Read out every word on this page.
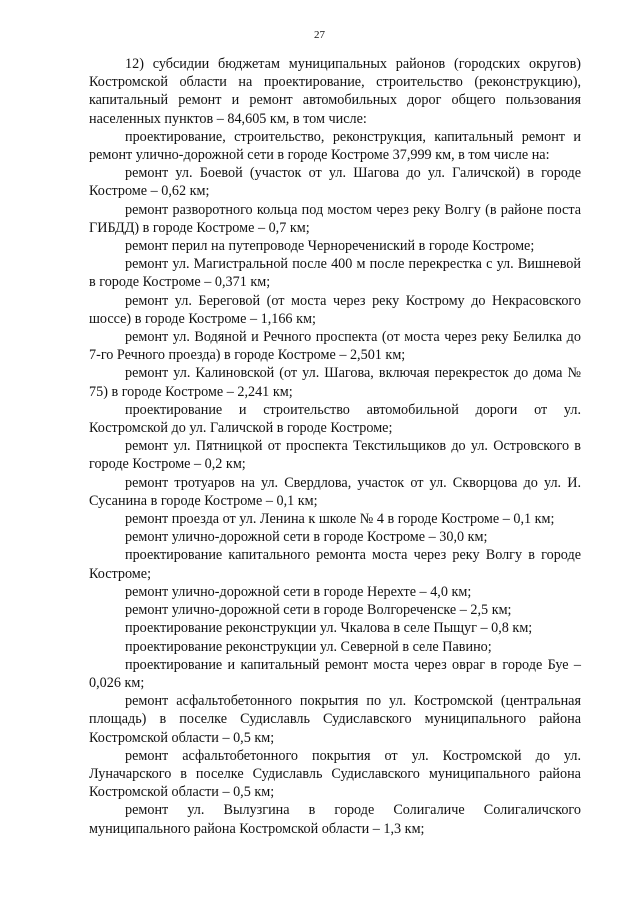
27

12) субсидии бюджетам муниципальных районов (городских округов) Костромской области на проектирование, строительство (реконструкцию), капитальный ремонт и ремонт автомобильных дорог общего пользования населенных пунктов – 84,605 км, в том числе:

проектирование, строительство, реконструкция, капитальный ремонт и ремонт улично-дорожной сети в городе Костроме 37,999 км, в том числе на:

ремонт ул. Боевой (участок от ул. Шагова до ул. Галичской) в городе Костроме – 0,62 км;

ремонт разворотного кольца под мостом через реку Волгу (в районе поста ГИБДД) в городе Костроме – 0,7 км;

ремонт перил на путепроводе Черноречениский в городе Костроме;

ремонт ул. Магистральной после 400 м после перекрестка с ул. Вишневой в городе Костроме – 0,371 км;

ремонт ул. Береговой (от моста через реку Кострому до Некрасовского шоссе) в городе Костроме – 1,166 км;

ремонт ул. Водяной и Речного проспекта (от моста через реку Белилка до 7-го Речного проезда) в городе Костроме – 2,501 км;

ремонт ул. Калиновской (от ул. Шагова, включая перекресток до дома № 75) в городе Костроме – 2,241 км;

проектирование и строительство автомобильной дороги от ул. Костромской до ул. Галичской в городе Костроме;

ремонт ул. Пятницкой от проспекта Текстильщиков до ул. Островского в городе Костроме – 0,2 км;

ремонт тротуаров на ул. Свердлова, участок от ул. Скворцова до ул. И. Сусанина в городе Костроме – 0,1 км;

ремонт проезда от ул. Ленина к школе № 4 в городе Костроме – 0,1 км;

ремонт улично-дорожной сети в городе Костроме – 30,0 км;

проектирование капитального ремонта моста через реку Волгу в городе Костроме;

ремонт улично-дорожной сети в городе Нерехте – 4,0 км;

ремонт улично-дорожной сети в городе Волгореченске – 2,5 км;

проектирование реконструкции ул. Чкалова в селе Пыщуг – 0,8 км;

проектирование реконструкции ул. Северной в селе Павино;

проектирование и капитальный ремонт моста через овраг в городе Буе – 0,026 км;

ремонт асфальтобетонного покрытия по ул. Костромской (центральная площадь) в поселке Судиславль Судиславского муниципального района Костромской области – 0,5 км;

ремонт асфальтобетонного покрытия от ул. Костромской до ул. Луначарского в поселке Судиславль Судиславского муниципального района Костромской области – 0,5 км;

ремонт ул. Вылузгина в городе Солигаличе Солигаличского муниципального района Костромской области – 1,3 км;
